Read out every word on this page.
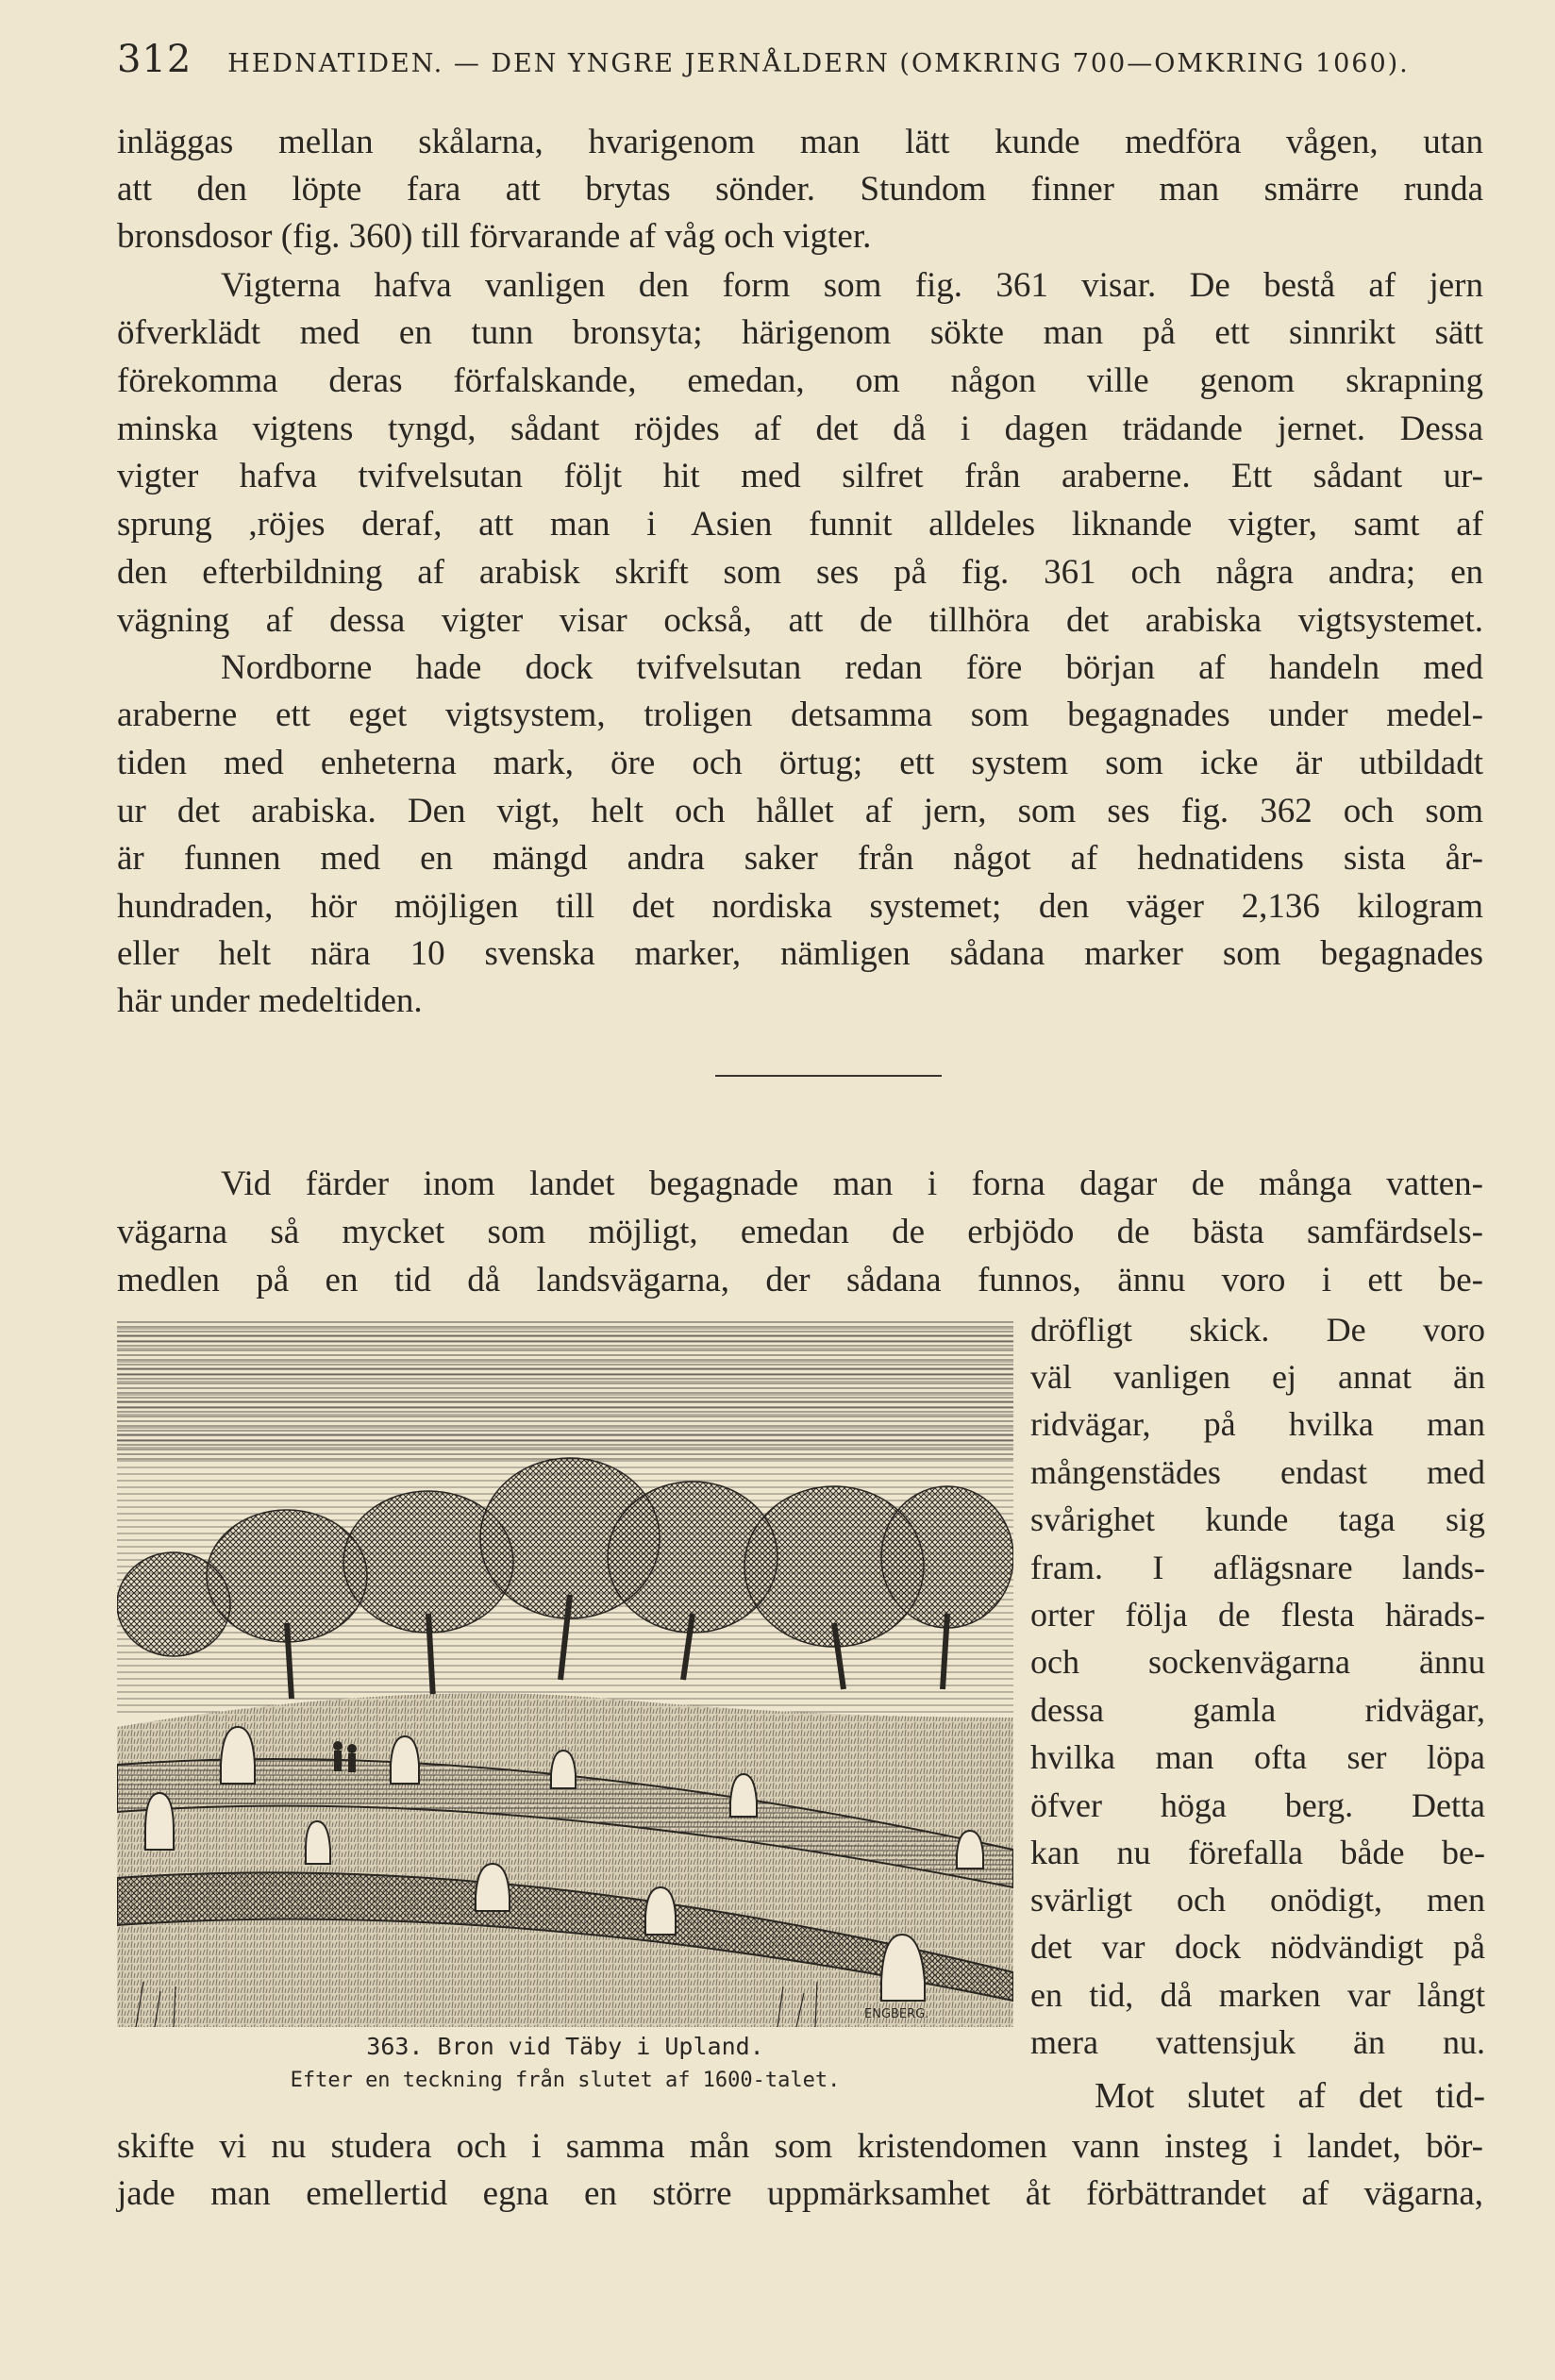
312 HEDNATIDEN. — DEN YNGRE JERNÅLDERN (OMKRING 700—OMKRING 1060).
inläggas mellan skålarna, hvarigenom man lätt kunde medföra vågen, utan
att den löpte fara att brytas sönder. Stundom finner man smärre runda
bronsdosor (fig. 360) till förvarande af våg och vigter.
Vigterna hafva vanligen den form som fig. 361 visar. De bestå af jern
öfverklädt med en tunn bronsyta; härigenom sökte man på ett sinnrikt sätt
förekomma deras förfalskande, emedan, om någon ville genom skrapning
minska vigtens tyngd, sådant röjdes af det då i dagen trädande jernet. Dessa
vigter hafva tvifvelsutan följt hit med silfret från araberne. Ett sådant ur-
sprung ,röjes deraf, att man i Asien funnit alldeles liknande vigter, samt af
den efterbildning af arabisk skrift som ses på fig. 361 och några andra; en
vägning af dessa vigter visar också, att de tillhöra det arabiska vigtsystemet.
Nordborne hade dock tvifvelsutan redan före början af handeln med
araberne ett eget vigtsystem, troligen detsamma som begagnades under medel-
tiden med enheterna mark, öre och örtug; ett system som icke är utbildadt
ur det arabiska. Den vigt, helt och hållet af jern, som ses fig. 362 och som
är funnen med en mängd andra saker från något af hednatidens sista år-
hundraden, hör möjligen till det nordiska systemet; den väger 2,136 kilogram
eller helt nära 10 svenska marker, nämligen sådana marker som begagnades
här under medeltiden.
Vid färder inom landet begagnade man i forna dagar de många vatten-
vägarna så mycket som möjligt, emedan de erbjödo de bästa samfärdsels-
medlen på en tid då landsvägarna, der sådana funnos, ännu voro i ett be-
dröfligt skick. De voro
väl vanligen ej annat än
ridvägar, på hvilka man
mångenstädes endast med
svårighet kunde taga sig
fram. I aflägsnare lands-
orter följa de flesta härads-
och sockenvägarna ännu
dessa gamla ridvägar,
hvilka man ofta ser löpa
öfver höga berg. Detta
kan nu förefalla både be-
svärligt och onödigt, men
det var dock nödvändigt på
en tid, då marken var långt
mera vattensjuk än nu.
Mot slutet af det tid-
ENGBERG.
363. Bron vid Täby i Upland.
Efter en teckning från slutet af 1600-talet.
skifte vi nu studera och i samma mån som kristendomen vann insteg i landet, bör-
jade man emellertid egna en större uppmärksamhet åt förbättrandet af vägarna,
